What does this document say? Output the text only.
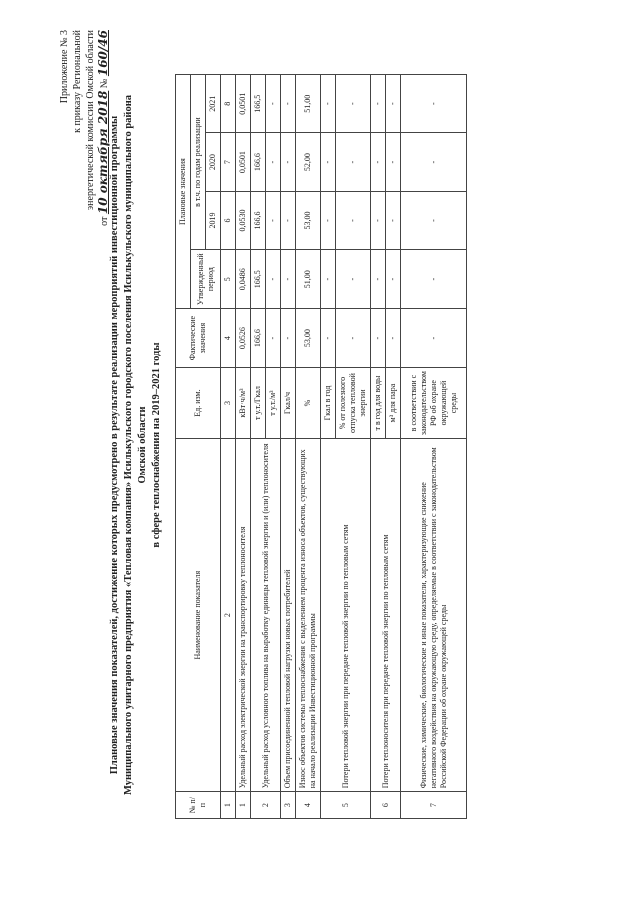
Приложение № 3 к приказу Региональной энергетической комиссии Омской области
от 10 октября 2018 № 160/46
Плановые значения показателей, достижение которых предусмотрено в результате реализации мероприятий инвестиционной программы Муниципального унитарного предприятия «Тепловая компания» Исилькульского городского поселения Исилькульского муниципального района Омской области в сфере теплоснабжения на 2019–2021 годы
№ п/п	Наименование показателя	Ед. изм.	Фактические значения	Плановые значения			
				Утвержденный период	в т.ч. по годам реализации		
					2019	2020	2021
1	2	3	4	5	6	7	8
1	Удельный расход электрической энергии на транспортировку теплоносителя	кВт·ч/м³	0,0526	0,0486	0,0530	0,0501	0,0501
2	Удельный расход условного топлива на выработку единицы тепловой энергии и (или) теплоносителя	т у.т./Гкал	166,6	166,5	166,6	166,6	166,5
		т у.т./м³	-	-	-	-	-
3	Объем присоединенной тепловой нагрузки новых потребителей	Гкал/ч	-	-	-	-	-
4	Износ объектов системы теплоснабжения с выделением процента износа объектов, существующих на начало реализации Инвестиционной программы	%	53,00	51,00	53,00	52,00	51,00
5	Потери тепловой энергии при передаче тепловой энергии по тепловым сетям	Гкал в год	-	-	-	-	-
		% от полезного отпуска тепловой энергии	-	-	-	-	-
6	Потери теплоносителя при передаче тепловой энергии по тепловым сетям	т в год для воды	-	-	-	-	-
		м³ для пара	-	-	-	-	-
7	Физические, химические, биологические и иные показатели, характеризующие снижение негативного воздействия на окружающую среду, определяемые в соответствии с законодательством Российской Федерации об охране окружающей среды	в соответствии с законодательством РФ об охране окружающей среды	-	-	-	-	-
